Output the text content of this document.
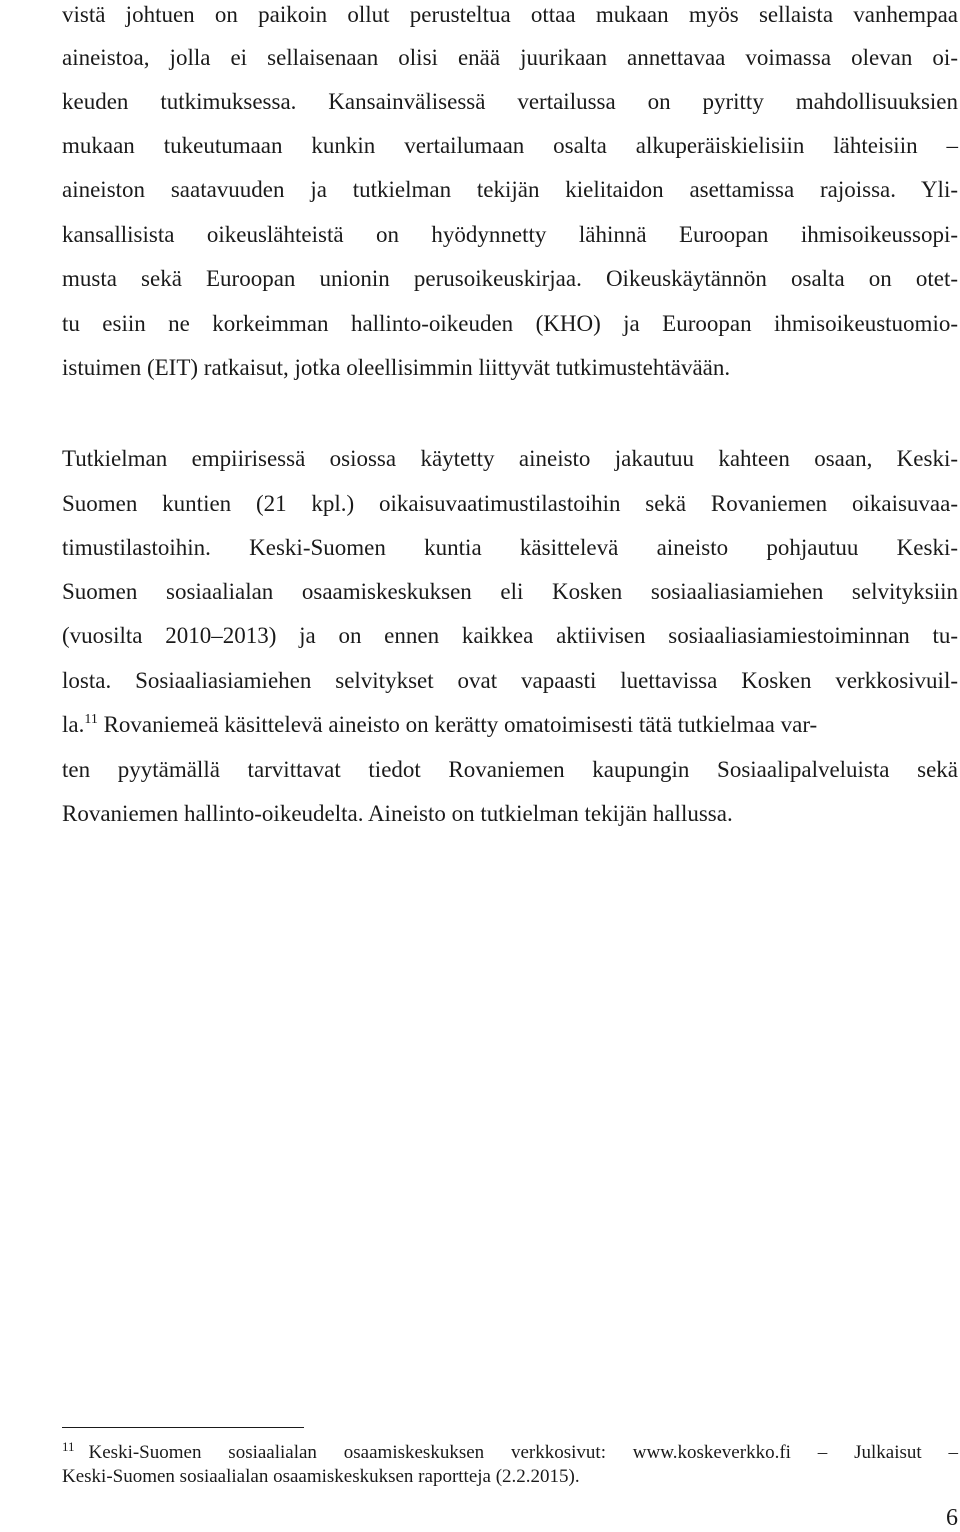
vistä johtuen on paikoin ollut perusteltua ottaa mukaan myös sellaista vanhempaa
aineistoa, jolla ei sellaisenaan olisi enää juurikaan annettavaa voimassa olevan oi-
keuden tutkimuksessa. Kansainvälisessä vertailussa on pyritty mahdollisuuksien
mukaan tukeutumaan kunkin vertailumaan osalta alkuperäiskielisiin lähteisiin –
aineiston saatavuuden ja tutkielman tekijän kielitaidon asettamissa rajoissa. Yli-
kansallisista oikeuslähteistä on hyödynnetty lähinnä Euroopan ihmisoikeussopi-
musta sekä Euroopan unionin perusoikeuskirjaa. Oikeuskäytännön osalta on otet-
tu esiin ne korkeimman hallinto-oikeuden (KHO) ja Euroopan ihmisoikeustuomio-
istuimen (EIT) ratkaisut, jotka oleellisimmin liittyvät tutkimustehtävään.
Tutkielman empiirisessä osiossa käytetty aineisto jakautuu kahteen osaan, Keski-
Suomen kuntien (21 kpl.) oikaisuvaatimustilastoihin sekä Rovaniemen oikaisuvaa-
timustilastoihin. Keski-Suomen kuntia käsittelevä aineisto pohjautuu Keski-
Suomen sosiaalialan osaamiskeskuksen eli Kosken sosiaaliasiamiehen selvityksiin
(vuosilta 2010–2013) ja on ennen kaikkea aktiivisen sosiaaliasiamiestoiminnan tu-
losta. Sosiaaliasiamiehen selvitykset ovat vapaasti luettavissa Kosken verkkosivuil-
la.$^{11}$ Rovaniemeä käsittelevä aineisto on kerätty omatoimisesti tätä tutkielmaa var-
ten pyytämällä tarvittavat tiedot Rovaniemen kaupungin Sosiaalipalveluista sekä
Rovaniemen hallinto-oikeudelta. Aineisto on tutkielman tekijän hallussa.
$^{11}$ Keski-Suomen sosiaalialan osaamiskeskuksen verkkosivut: www.koskeverkko.fi – Julkaisut –
Keski-Suomen sosiaalialan osaamiskeskuksen raportteja (2.2.2015).
6
